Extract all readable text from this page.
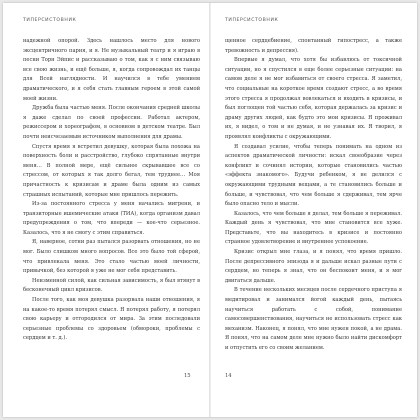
ТИПЕРСИСТОВНИК

надежной опорой. Здесь нашлось место для нового эксцентричного парня, и я. Не музыкальный театр и я играю в песни Торн Эйпис и рассказываю о том, как я с ним связываю все свою жизнь, и ещё больше, я, когда сопровождал их танцы для Всей наглядности. И научился в тебе умением драматического, и я себя стать главным героем в этой самой моей жизни.

Дружба была частью меня. После окончания средней школы я даже сделал по своей профессии. Работал актером, режиссером и хореографом, в основном в детском театре. Был почти неисчезаемым источником выполнения для драмы.

Спустя время я встретил девушку, которая была похожа на поверхность боли и расстройство, глубоко спрятанные внутри меня… В полной мере, ещё сильнее скрывавшее все со стрессом, от которых я так долго бегал, тем труднее… Моя причастность к кризисам и драме была одним из самых страшных испытаний, которые мне пришлось пережить.

Из-за постоянного стресса у меня начались мигрени, и транзиторные ишемические атаки (ТИА), когда организм давал предупреждения о том, что впереди — кое-что серьезное. Казалось, что я не смогу с этим справиться.

Я, наверное, сотни раз пытался разорвать отношения, но не мог. Было слишком много вопросов. Все это было той сферой, что привлекала меня. Это стало частью моей личности, привычкой, без которой я уже не мог себя представить.

Неизменной силой, как сильная зависимость, я был втянут в бесконечный цикл кризисов.

После того, как моя девушка разорвала наши отношения, я на какое-то время потерял смысл. Я потерял работу, я потерял свою карьеру и отгородился от мира. За этим последовали серьезные проблемы со здоровьем (обмороки, проблемы с сердцем и т. д.).

15
ТИПЕРСИСТОВНИК

щенное сердцебиение, спонтанный гипостресс, а также тревожность и депрессия).

Впервые я думал, что хотя бы избавлюсь от токсичной ситуации, но я спустился в еще более серьезные ситуации: на самом деле я не мог избавиться от своего стресса. Я заметил, что социальные на короткое время создают стресс, а во время этого стресса я продолжал вовлекаться и входить в кризисы, и был поглощен той частью себя, которая держалась за кризис и драму других людей, как будто это мои кризисы. Я проживал их, я видел, о том и не думая, и не узнавая их. Я творил, я проявлял конфликты с окружающими.

Я создавал усилие, чтобы теперь понимать на одном из аспектов драматической личности: искал своеобразие через конфликт и сочинял истории, которые становились частью «эффекта знакомого». Будучи ребенком, я не делился с окружающими трудными вещами, а те становились больше и больше, и чувствовал, что чем больше я сдерживал, тем ярче было опасно тело и мысли.

Казалось, что чем больше я делал, тем больше я переживал. Каждый день я чувствовал, что мне становится все хуже. Представьте, что вы находитесь в кризисе и постоянно странное удовлетворение и внутреннее успокоение.

Кризис открыл мне глаза, и я понял, что время пришло. После депрессивного эпизода я и дальше искал разные пути с сердцем, но теперь я знал, что он беспокоит меня, и я мог двигаться дальше.

В течение нескольких месяцев после сердечного приступа я медитировал и занимался йогой каждый день, пытаясь научиться работать с собой, понимание самосовершенствования, научиться не использовать стресс как механизм. Наконец, я понял, что мне нужен покой, а не драма. Я понял, что на самом деле мне нужно было найти дискомфорт и отпустить его со своим желанием.

14
